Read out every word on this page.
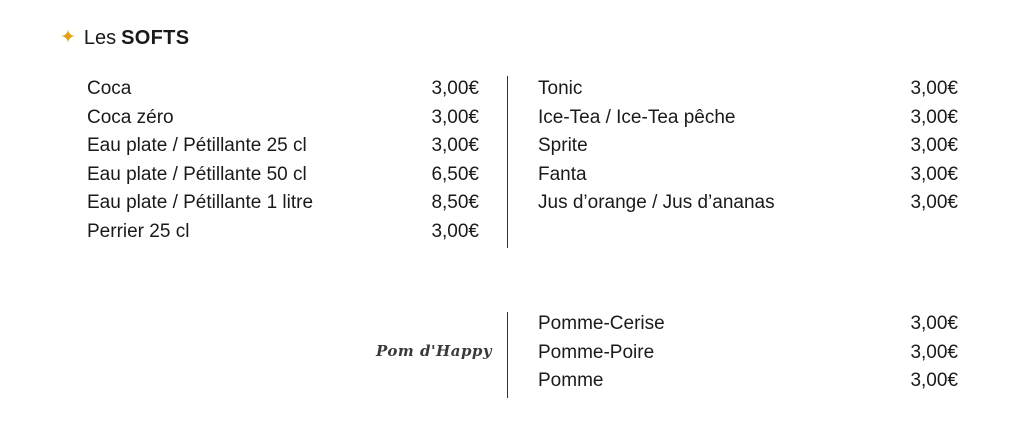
✦ Les SOFTS
Coca	3,00€
Coca zéro	3,00€
Eau plate / Pétillante 25 cl	3,00€
Eau plate / Pétillante 50 cl	6,50€
Eau plate / Pétillante 1 litre	8,50€
Perrier 25 cl	3,00€
Tonic	3,00€
Ice-Tea / Ice-Tea pêche	3,00€
Sprite	3,00€
Fanta	3,00€
Jus d’orange / Jus d’ananas	3,00€
Pom d'Happy
Pomme-Cerise	3,00€
Pomme-Poire	3,00€
Pomme	3,00€
